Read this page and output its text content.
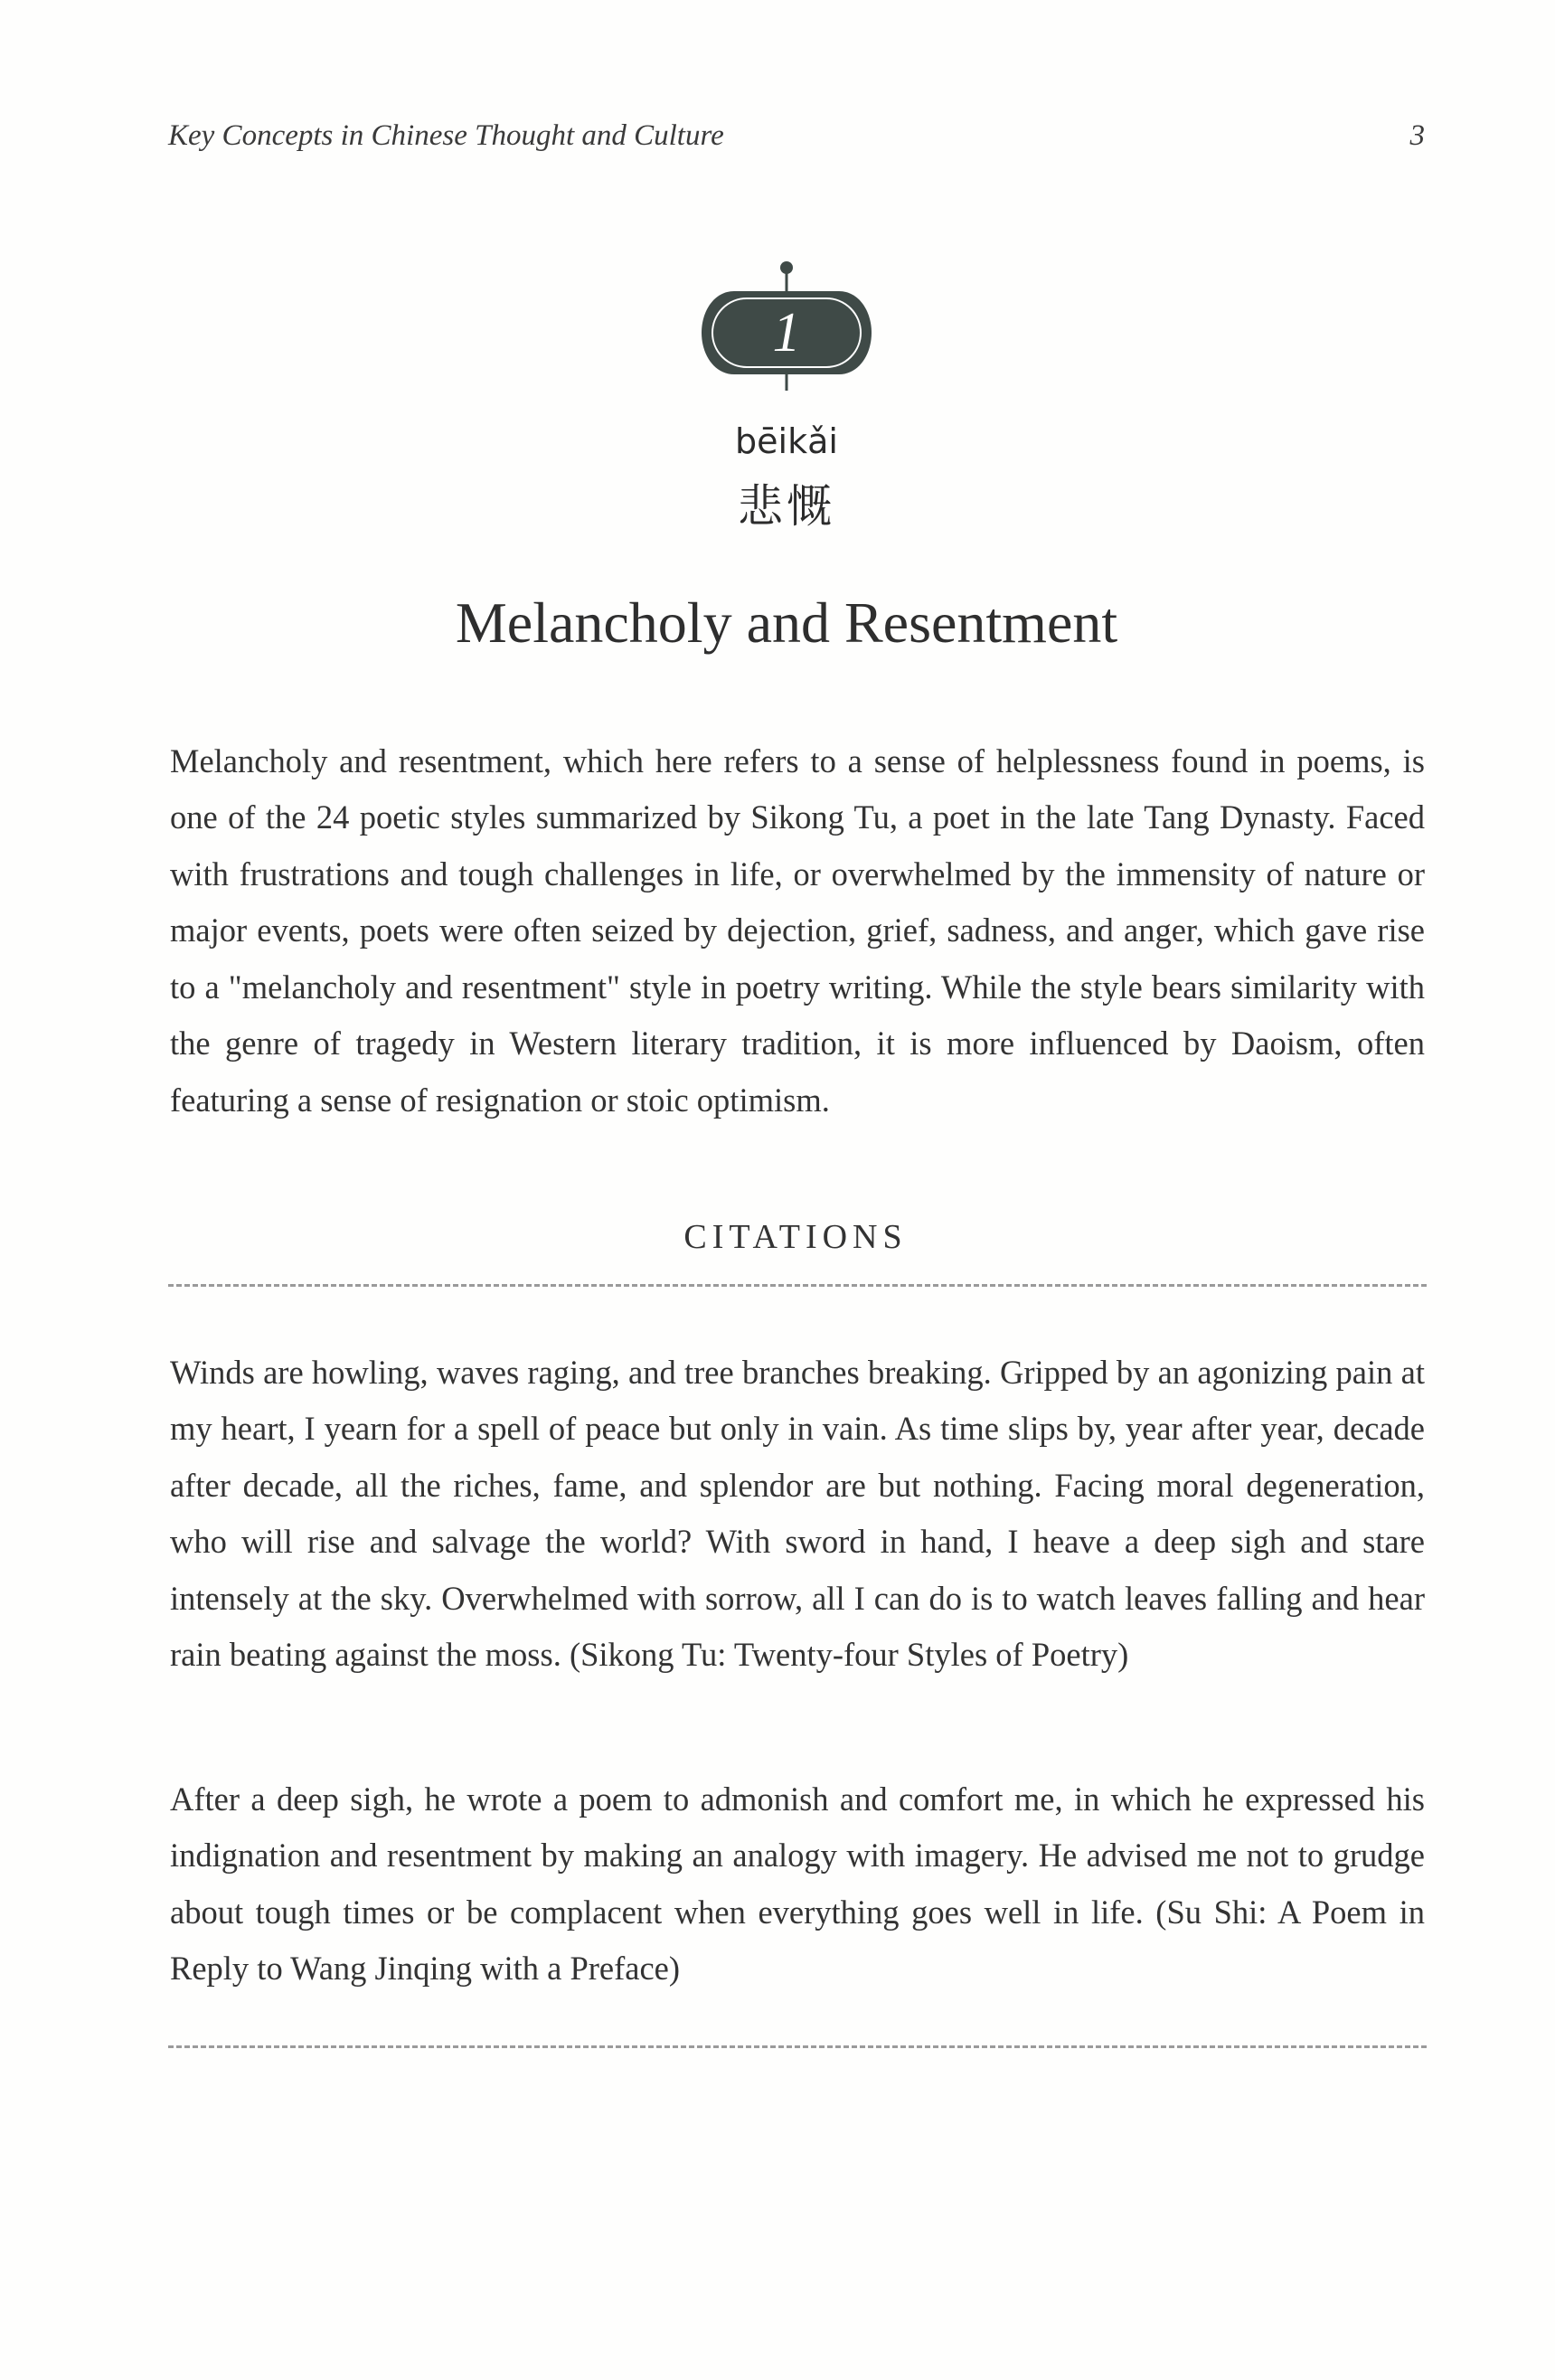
Key Concepts in Chinese Thought and Culture	3
1
bēikǎi
悲慨
Melancholy and Resentment

Melancholy and resentment, which here refers to a sense of helplessness found in poems, is one of the 24 poetic styles summarized by Sikong Tu, a poet in the late Tang Dynasty. Faced with frustrations and tough challenges in life, or overwhelmed by the immensity of nature or major events, poets were often seized by dejection, grief, sadness, and anger, which gave rise to a "melancholy and resentment" style in poetry writing. While the style bears similarity with the genre of tragedy in Western literary tradition, it is more influenced by Daoism, often featuring a sense of resignation or stoic optimism.

CITATIONS

Winds are howling, waves raging, and tree branches breaking. Gripped by an agonizing pain at my heart, I yearn for a spell of peace but only in vain. As time slips by, year after year, decade after decade, all the riches, fame, and splendor are but nothing. Facing moral degeneration, who will rise and salvage the world? With sword in hand, I heave a deep sigh and stare intensely at the sky. Overwhelmed with sorrow, all I can do is to watch leaves falling and hear rain beating against the moss. (Sikong Tu: Twenty-four Styles of Poetry)

After a deep sigh, he wrote a poem to admonish and comfort me, in which he expressed his indignation and resentment by making an analogy with imagery. He advised me not to grudge about tough times or be complacent when everything goes well in life. (Su Shi: A Poem in Reply to Wang Jinqing with a Preface)
